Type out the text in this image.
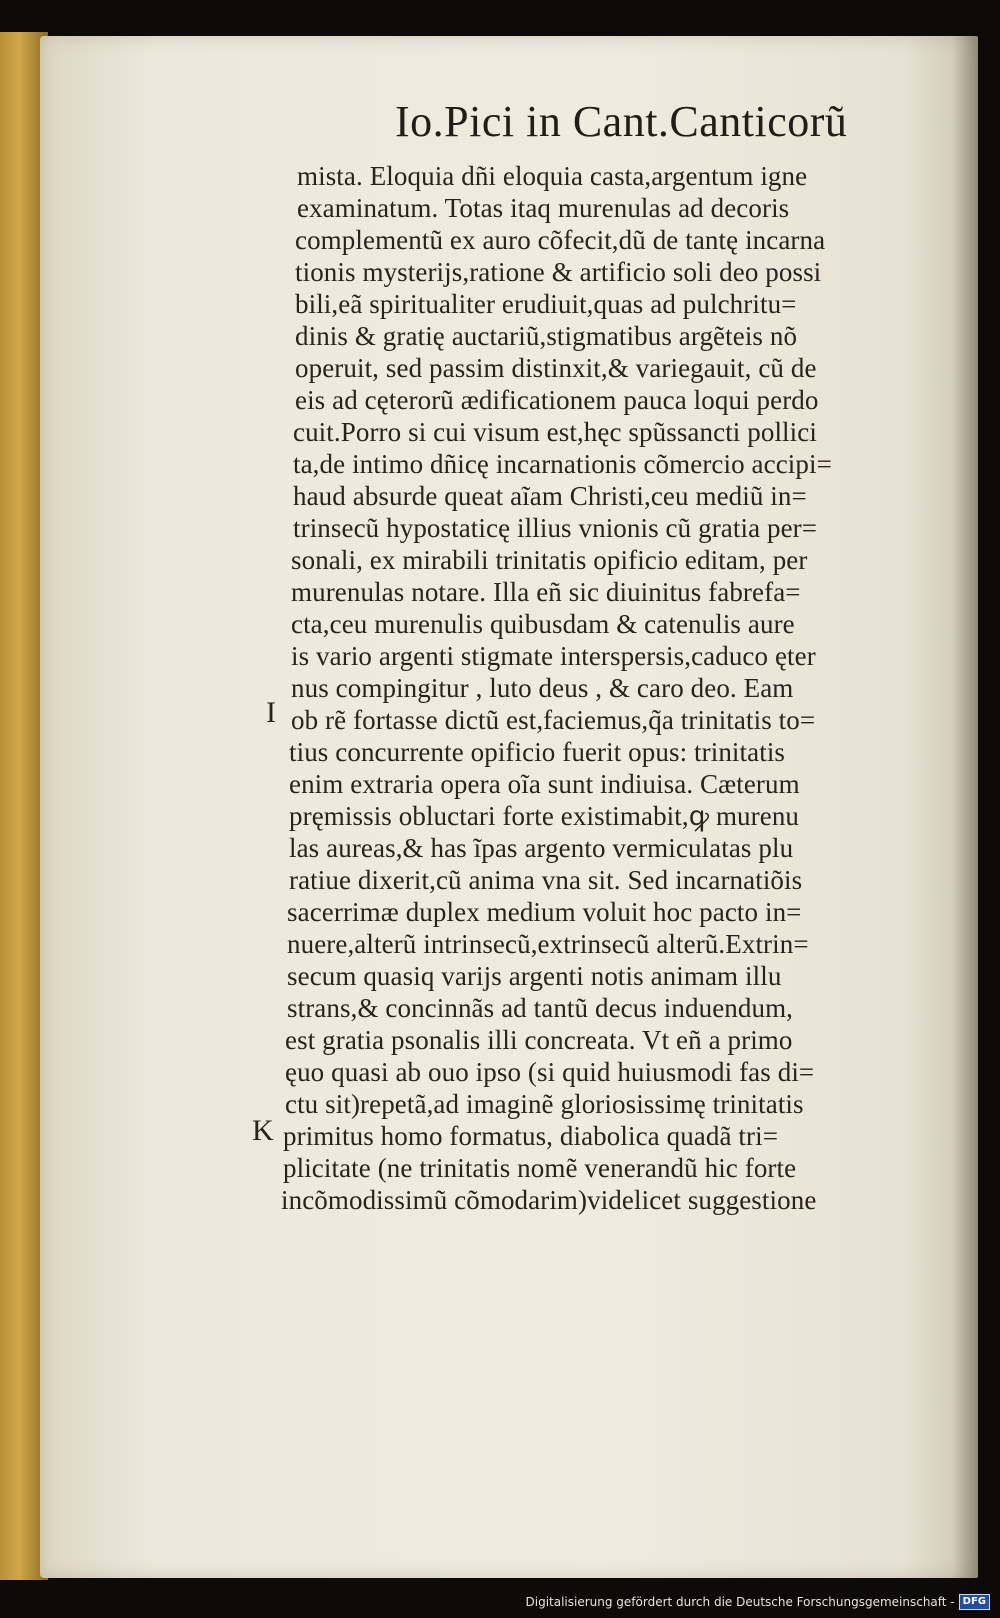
Io.Pici in Cant.Canticorũ
mista. Eloquia dñi eloquia casta,argentum igne
examinatum. Totas itaq murenulas ad decoris
complementũ ex auro cõfecit,dũ de tantę incarna
tionis mysterijs,ratione & artificio soli deo possi
bili,eã spiritualiter erudiuit,quas ad pulchritu=
dinis & gratię auctariũ,stigmatibus argẽteis nõ
operuit, sed passim distinxit,& variegauit, cũ de
eis ad cęterorũ ædificationem pauca loqui perdo
cuit.Porro si cui visum est,hęc spũssancti pollici
ta,de intimo dñicę incarnationis cõmercio accipi=
haud absurde queat aĩam Christi,ceu mediũ in=
trinsecũ hypostaticę illius vnionis cũ gratia per=
sonali, ex mirabili trinitatis opificio editam, per
murenulas notare. Illa eñ sic diuinitus fabrefa=
cta,ceu murenulis quibusdam & catenulis aure
is vario argenti stigmate interspersis,caduco ęter
nus compingitur , luto deus , & caro deo. Eam
ob rẽ fortasse dictũ est,faciemus,q̃a trinitatis to=
tius concurrente opificio fuerit opus: trinitatis
enim extraria opera oĩa sunt indiuisa. Cæterum
pręmissis obluctari forte existimabit,ꝙ murenu
las aureas,& has ĩpas argento vermiculatas plu
ratiue dixerit,cũ anima vna sit. Sed incarnatiõis
sacerrimæ duplex medium voluit hoc pacto in=
nuere,alterũ intrinsecũ,extrinsecũ alterũ.Extrin=
secum quasiq varijs argenti notis animam illu
strans,& concinnãs ad tantũ decus induendum,
est gratia psonalis illi concreata. Vt eñ a primo
ęuo quasi ab ouo ipso (si quid huiusmodi fas di=
ctu sit)repetã,ad imaginẽ gloriosissimę trinitatis
primitus homo formatus, diabolica quadã tri=
plicitate (ne trinitatis nomẽ venerandũ hic forte
incõmodissimũ cõmodarim)videlicet suggestione
I
K
Digitalisierung gefördert durch die Deutsche Forschungsgemeinschaft - DFG
